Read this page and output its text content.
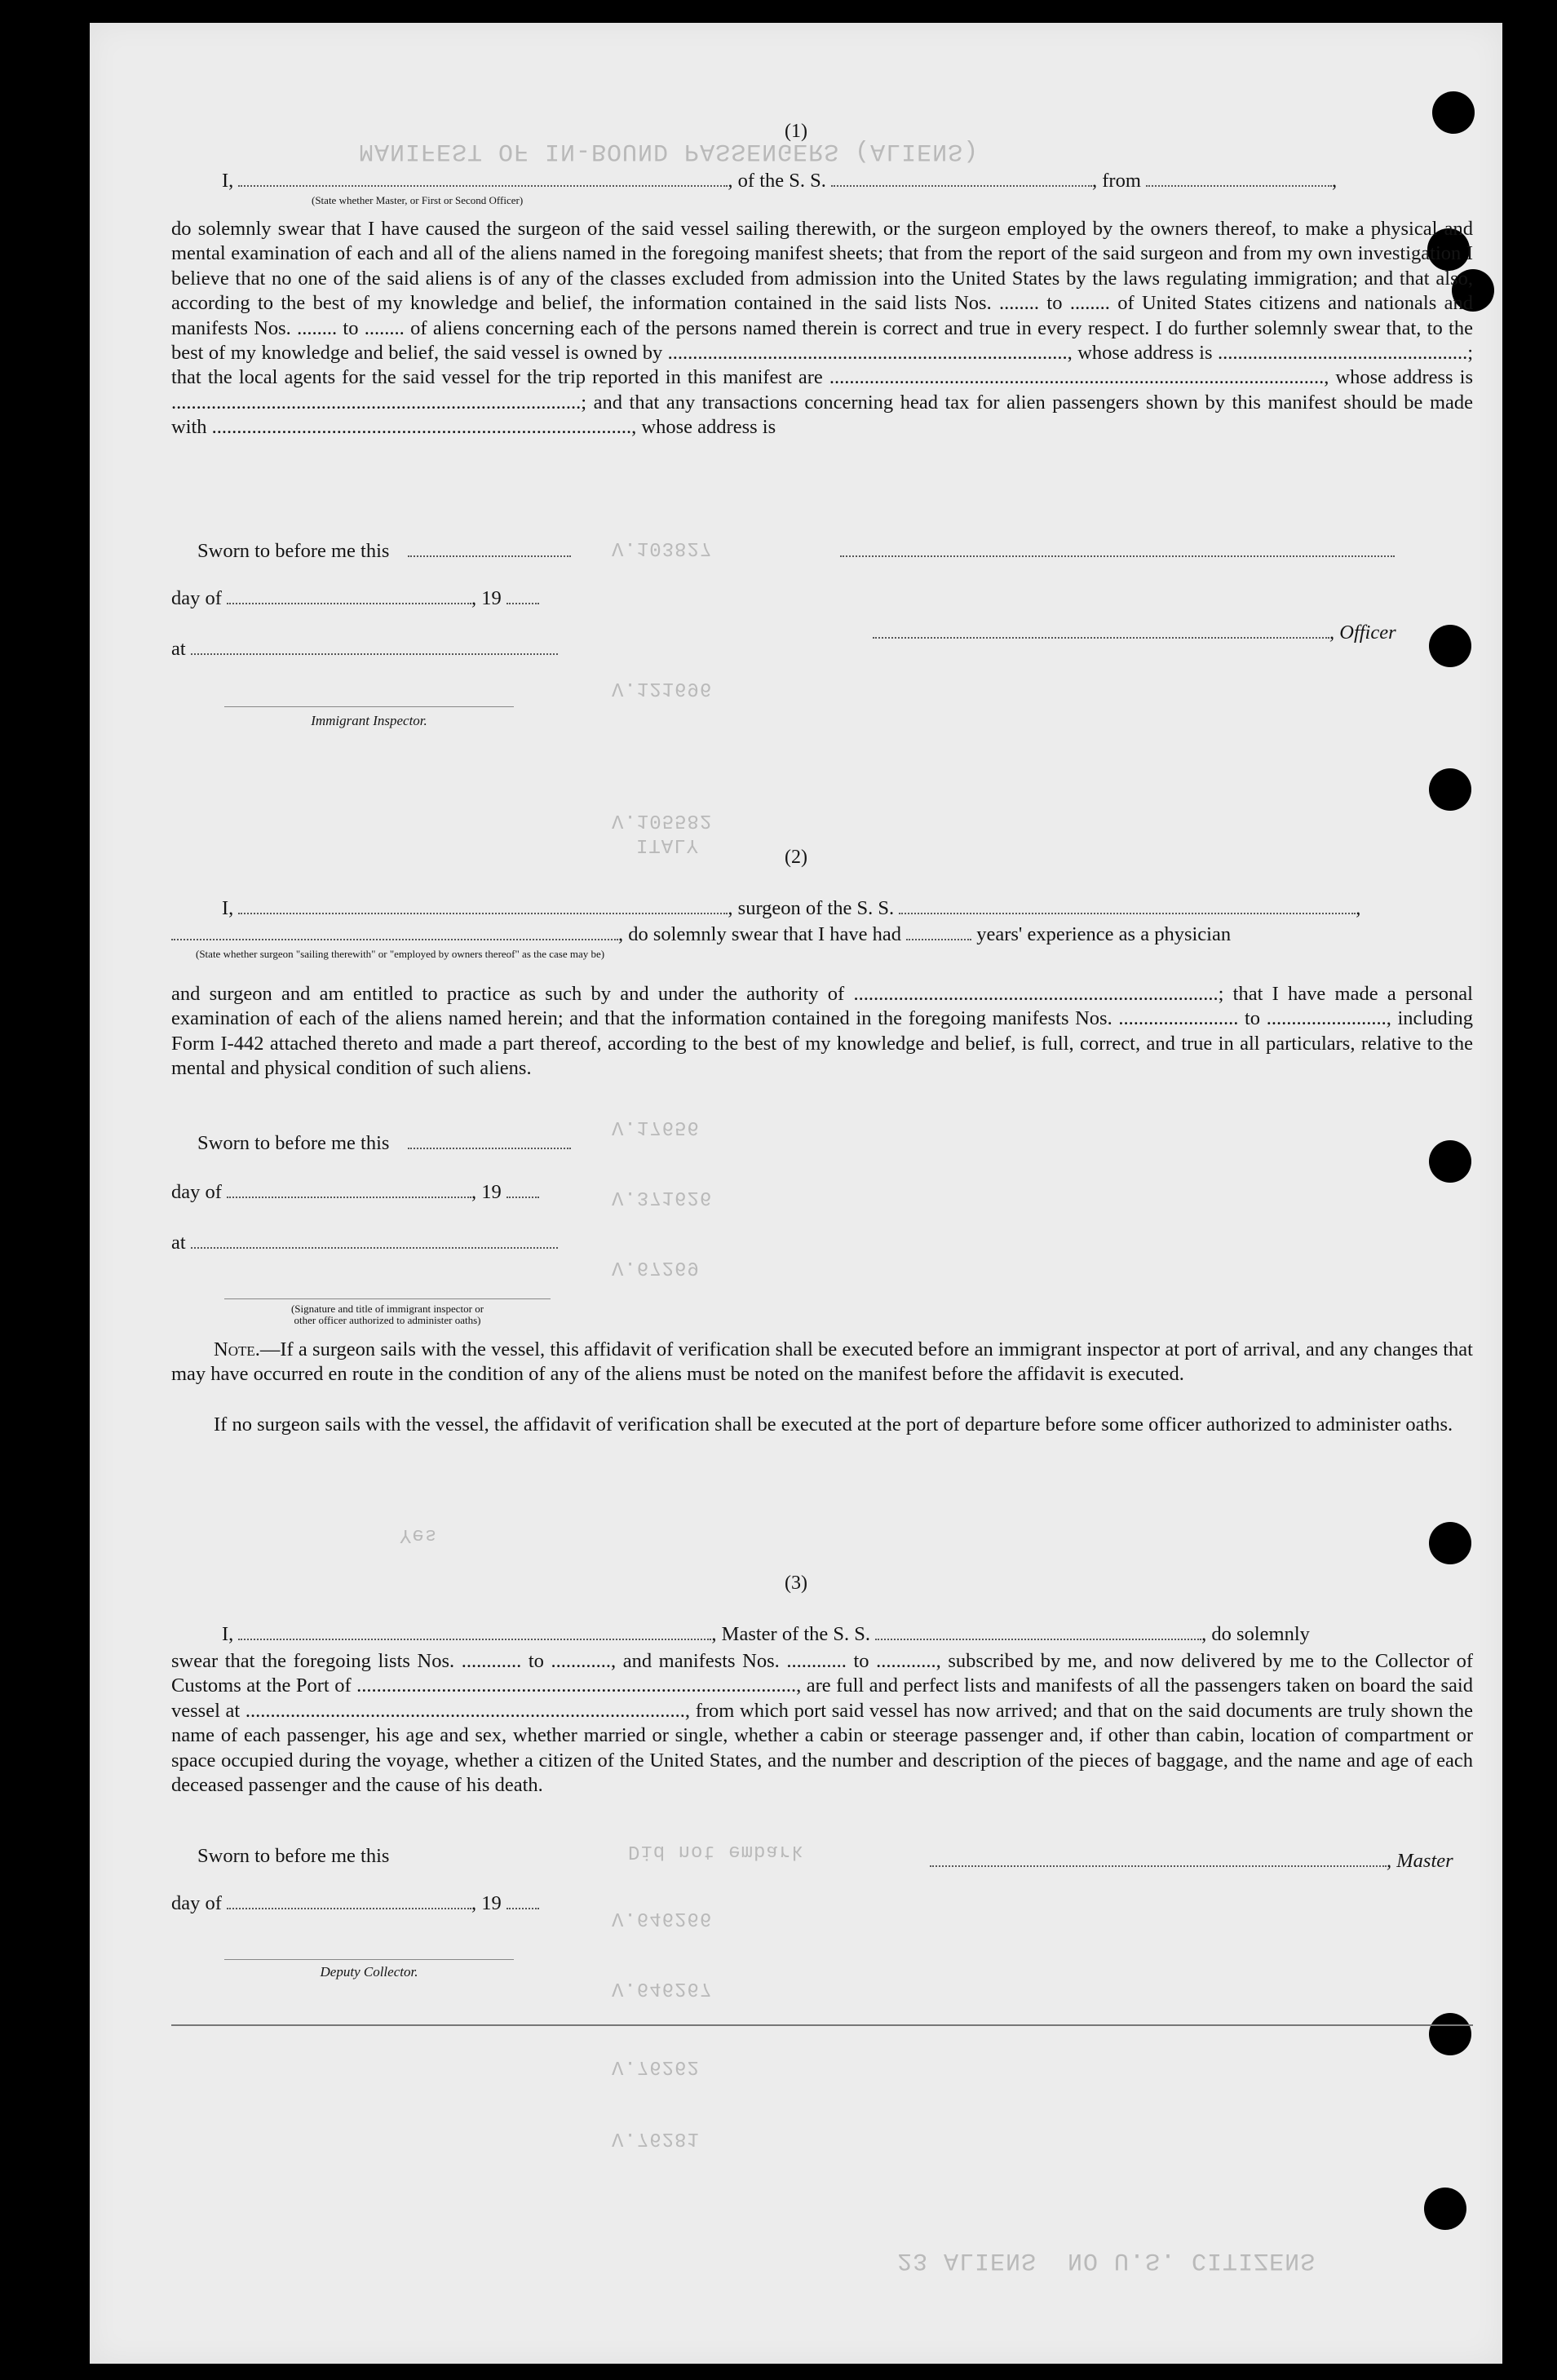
MANIFEST OF IN-BOUND PASSENGERS (ALIENS)
V.103827
V.121696
V.105582
ITALY
V.17656
V.371626
V.67269
23 ALIENS  NO U.S. CITIZENS
Did not embark
V.646266
V.646267
V.76262
V.76281
Yes
(1)
I,	, of the S. S.	, from	,
(State whether Master, or First or Second Officer)
do solemnly swear that I have caused the surgeon of the said vessel sailing therewith, or the surgeon employed by the owners thereof, to make a physical and mental examination of each and all of the aliens named in the foregoing manifest sheets; that from the report of the said surgeon and from my own investigation I believe that no one of the said aliens is of any of the classes excluded from admission into the United States by the laws regulating immigration; and that also, according to the best of my knowledge and belief, the information contained in the said lists Nos. ........ to ........ of United States citizens and nationals and manifests Nos. ........ to ........ of aliens concerning each of the persons named therein is correct and true in every respect. I do further solemnly swear that, to the best of my knowledge and belief, the said vessel is owned by ................................................................................, whose address is ..................................................; that the local agents for the said vessel for the trip reported in this manifest are ..................................................................................................., whose address is ..................................................................................; and that any transactions concerning head tax for alien passengers shown by this manifest should be made with ...................................................................................., whose address is
Sworn to before me this
day of	, 19
, Officer
at
Immigrant Inspector.
(2)
I,	, surgeon of the S. S.	,
, do solemnly swear that I have had	years' experience as a physician
(State whether surgeon "sailing therewith" or "employed by owners thereof" as the case may be)
and surgeon and am entitled to practice as such by and under the authority of .........................................................................; that I have made a personal examination of each of the aliens named herein; and that the information contained in the foregoing manifests Nos. ........................ to ........................, including Form I-442 attached thereto and made a part thereof, according to the best of my knowledge and belief, is full, correct, and true in all particulars, relative to the mental and physical condition of such aliens.
Sworn to before me this
day of	, 19
at
(Signature and title of immigrant inspector or
other officer authorized to administer oaths)
Note.—If a surgeon sails with the vessel, this affidavit of verification shall be executed before an immigrant inspector at port of arrival, and any changes that may have occurred en route in the condition of any of the aliens must be noted on the manifest before the affidavit is executed.
If no surgeon sails with the vessel, the affidavit of verification shall be executed at the port of departure before some officer authorized to administer oaths.
(3)
I,	, Master of the S. S.	, do solemnly
swear that the foregoing lists Nos. ............ to ............, and manifests Nos. ............ to ............, subscribed by me, and now delivered by me to the Collector of Customs at the Port of ........................................................................................, are full and perfect lists and manifests of all the passengers taken on board the said vessel at ........................................................................................, from which port said vessel has now arrived; and that on the said documents are truly shown the name of each passenger, his age and sex, whether married or single, whether a cabin or steerage passenger and, if other than cabin, location of compartment or space occupied during the voyage, whether a citizen of the United States, and the number and description of the pieces of baggage, and the name and age of each deceased passenger and the cause of his death.
Sworn to before me this	, Master
day of	, 19
Deputy Collector.
